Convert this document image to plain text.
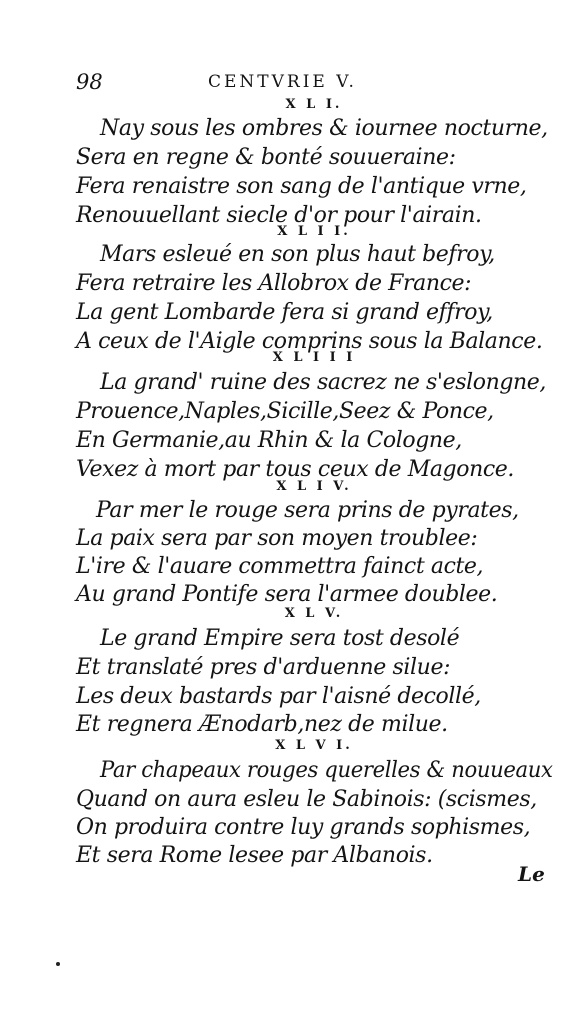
98	CENTVRIE V.
X L I.
Nay sous les ombres & iournee nocturne,
Sera en regne & bonté souueraine:
Fera renaistre son sang de l'antique vrne,
Renouuellant siecle d'or pour l'airain.
X L I I.
Mars esleué en son plus haut befroy,
Fera retraire les Allobrox de France:
La gent Lombarde fera si grand effroy,
A ceux de l'Aigle comprins sous la Balance.
X L I I I
La grand' ruine des sacrez ne s'eslongne,
Prouence,Naples,Sicille,Seez & Ponce,
En Germanie,au Rhin & la Cologne,
Vexez à mort par tous ceux de Magonce.
X L I V.
Par mer le rouge sera prins de pyrates,
La paix sera par son moyen troublee:
L'ire & l'auare commettra fainct acte,
Au grand Pontife sera l'armee doublee.
X L V.
Le grand Empire sera tost desolé
Et translaté pres d'arduenne silue:
Les deux bastards par l'aisné decollé,
Et regnera Ænodarb,nez de milue.
X L V I.
Par chapeaux rouges querelles & nouueaux
Quand on aura esleu le Sabinois: (scismes,
On produira contre luy grands sophismes,
Et sera Rome lesee par Albanois.
Le
